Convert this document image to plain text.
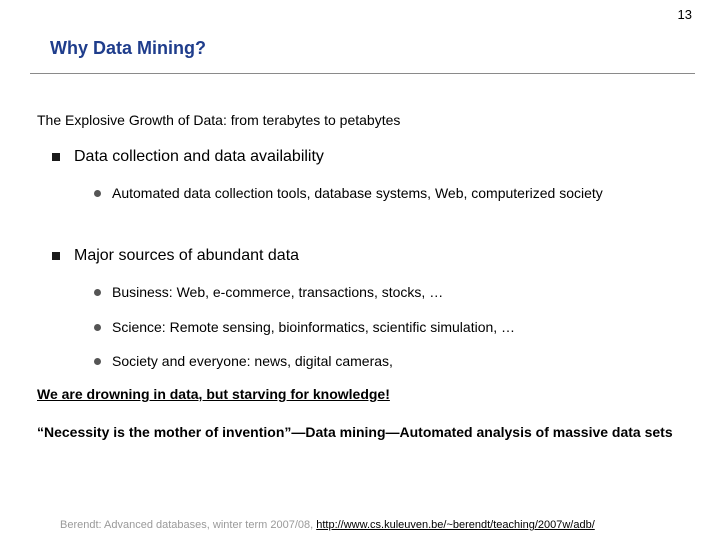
13
Why Data Mining?
The Explosive Growth of Data: from terabytes to petabytes
Data collection and data availability
Automated data collection tools, database systems, Web, computerized society
Major sources of abundant data
Business: Web, e-commerce, transactions, stocks, …
Science: Remote sensing, bioinformatics, scientific simulation, …
Society and everyone: news, digital cameras,
We are drowning in data, but starving for knowledge!
“Necessity is the mother of invention”—Data mining—Automated analysis of massive data sets
Berendt: Advanced databases, winter term 2007/08, http://www.cs.kuleuven.be/~berendt/teaching/2007w/adb/
